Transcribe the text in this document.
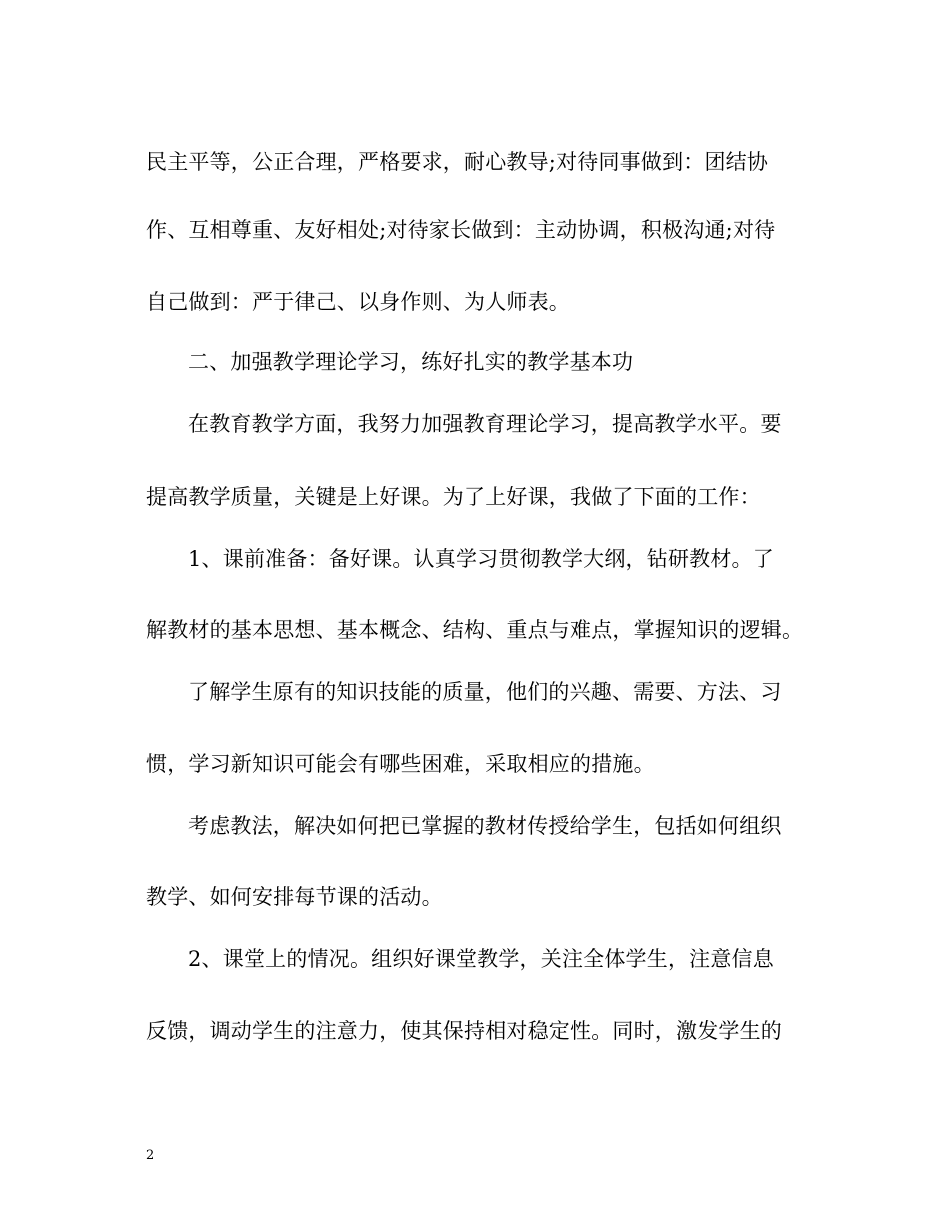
民主平等，公正合理，严格要求，耐心教导;对待同事做到：团结协
作、互相尊重、友好相处;对待家长做到：主动协调，积极沟通;对待
自己做到：严于律己、以身作则、为人师表。
二、加强教学理论学习，练好扎实的教学基本功
在教育教学方面，我努力加强教育理论学习，提高教学水平。要
提高教学质量，关键是上好课。为了上好课，我做了下面的工作：
1、课前准备：备好课。认真学习贯彻教学大纲，钻研教材。了
解教材的基本思想、基本概念、结构、重点与难点，掌握知识的逻辑。
了解学生原有的知识技能的质量，他们的兴趣、需要、方法、习
惯，学习新知识可能会有哪些困难，采取相应的措施。
考虑教法，解决如何把已掌握的教材传授给学生，包括如何组织
教学、如何安排每节课的活动。
2、课堂上的情况。组织好课堂教学，关注全体学生，注意信息
反馈，调动学生的注意力，使其保持相对稳定性。同时，激发学生的
2
